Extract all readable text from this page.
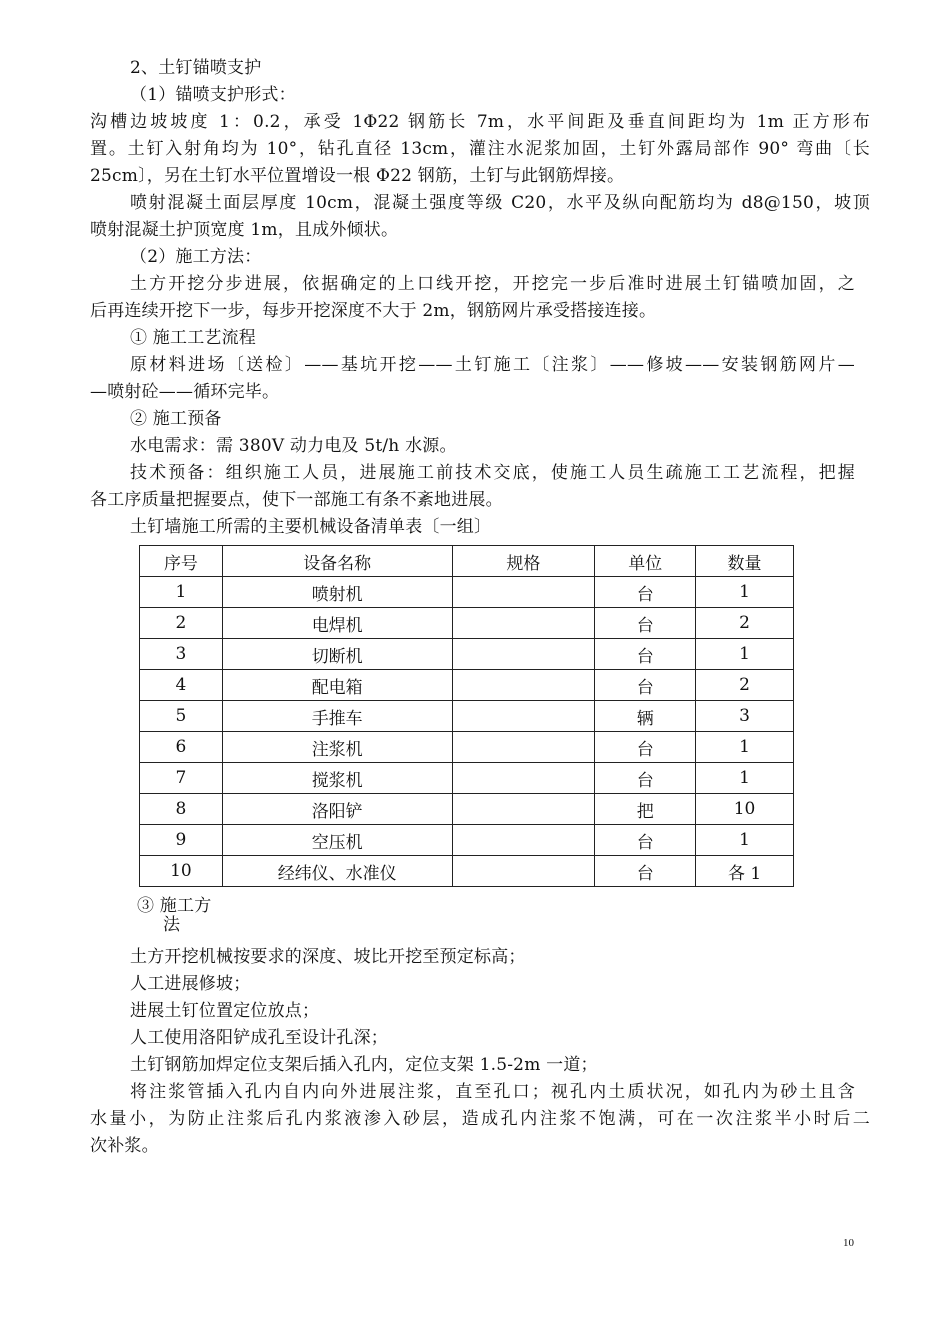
2、土钉锚喷支护
（1）锚喷支护形式：
沟槽边坡坡度 1：0.2，承受 1Φ22 钢筋长 7m，水平间距及垂直间距均为 1m 正方形布
置。土钉入射角均为 10°，钻孔直径 13cm，灌注水泥浆加固，土钉外露局部作 90° 弯曲〔长
25cm〕，另在土钉水平位置增设一根 Φ22 钢筋，土钉与此钢筋焊接。
喷射混凝土面层厚度 10cm，混凝土强度等级 C20，水平及纵向配筋均为 d8@150，坡顶
喷射混凝土护顶宽度 1m，且成外倾状。
（2）施工方法：
土方开挖分步进展，依据确定的上口线开挖，开挖完一步后准时进展土钉锚喷加固，之
后再连续开挖下一步，每步开挖深度不大于 2m，钢筋网片承受搭接连接。
① 施工工艺流程
原材料进场〔送检〕——基坑开挖——土钉施工〔注浆〕——修坡——安装钢筋网片—
—喷射砼——循环完毕。
② 施工预备
水电需求：需 380V 动力电及 5t/h 水源。
技术预备：组织施工人员，进展施工前技术交底，使施工人员生疏施工工艺流程，把握
各工序质量把握要点，使下一部施工有条不紊地进展。
土钉墙施工所需的主要机械设备清单表〔一组〕
序号	设备名称	规格	单位	数量
1	喷射机		台	1
2	电焊机		台	2
3	切断机		台	1
4	配电箱		台	2
5	手推车		辆	3
6	注浆机		台	1
7	搅浆机		台	1
8	洛阳铲		把	10
9	空压机		台	1
10	经纬仪、水准仪		台	各 1
③ 施工方
法
土方开挖机械按要求的深度、坡比开挖至预定标高；
人工进展修坡；
进展土钉位置定位放点；
人工使用洛阳铲成孔至设计孔深；
土钉钢筋加焊定位支架后插入孔内，定位支架 1.5-2m 一道；
将注浆管插入孔内自内向外进展注浆，直至孔口；视孔内土质状况，如孔内为砂土且含
水量小，为防止注浆后孔内浆液渗入砂层，造成孔内注浆不饱满，可在一次注浆半小时后二
次补浆。
10
